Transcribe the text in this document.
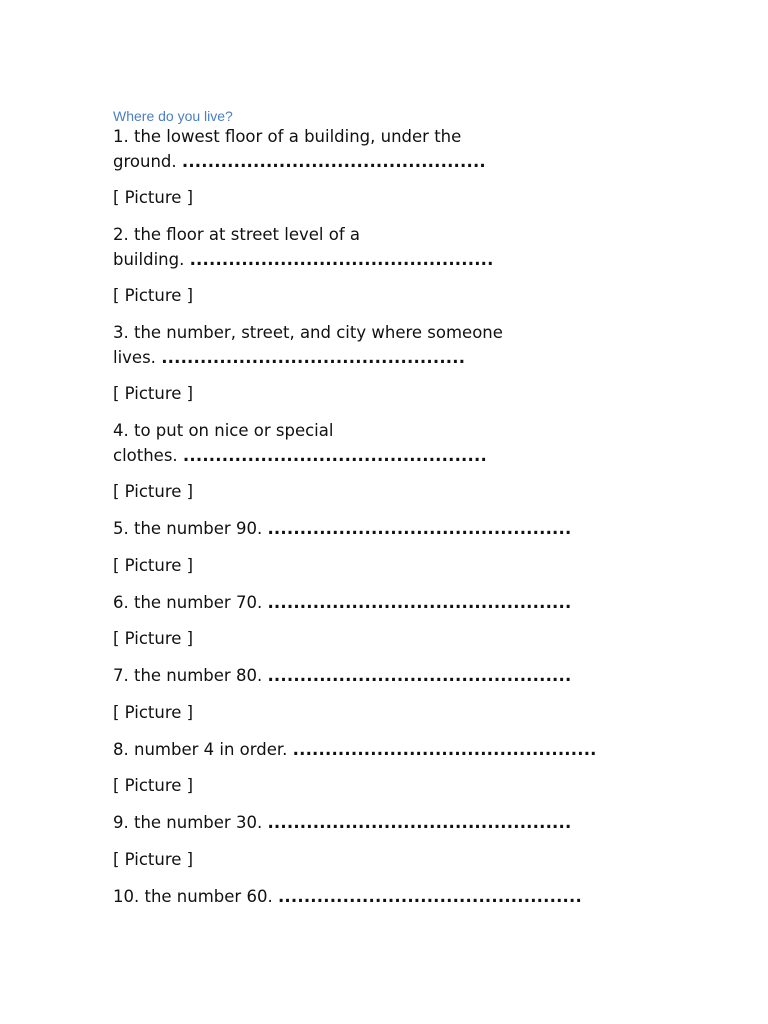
Where do you live?

1. the lowest floor of a building, under the
ground. ...............................................

[ Picture ]

2. the floor at street level of a
building. ...............................................

[ Picture ]

3. the number, street, and city where someone
lives. ...............................................

[ Picture ]

4. to put on nice or special
clothes. ...............................................

[ Picture ]

5. the number 90. ...............................................

[ Picture ]

6. the number 70. ...............................................

[ Picture ]

7. the number 80. ...............................................

[ Picture ]

8. number 4 in order. ...............................................

[ Picture ]

9. the number 30. ...............................................

[ Picture ]

10. the number 60. ...............................................
